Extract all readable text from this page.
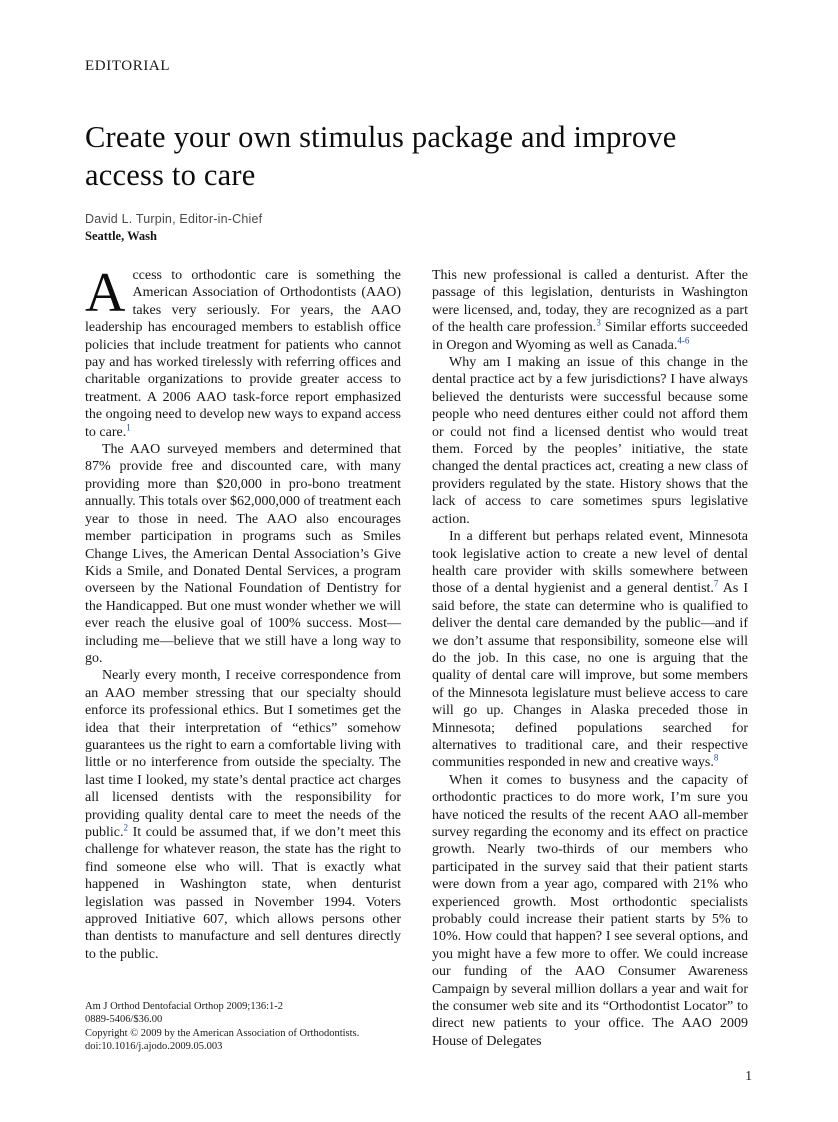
EDITORIAL
Create your own stimulus package and improve access to care
David L. Turpin, Editor-in-Chief
Seattle, Wash

Access to orthodontic care is something the American Association of Orthodontists (AAO) takes very seriously. For years, the AAO leadership has encouraged members to establish office policies that include treatment for patients who cannot pay and has worked tirelessly with referring offices and charitable organizations to provide greater access to treatment. A 2006 AAO task-force report emphasized the ongoing need to develop new ways to expand access to care.$^1$

The AAO surveyed members and determined that 87% provide free and discounted care, with many providing more than $20,000 in pro-bono treatment annually. This totals over $62,000,000 of treatment each year to those in need. The AAO also encourages member participation in programs such as Smiles Change Lives, the American Dental Association’s Give Kids a Smile, and Donated Dental Services, a program overseen by the National Foundation of Dentistry for the Handicapped. But one must wonder whether we will ever reach the elusive goal of 100% success. Most—including me—believe that we still have a long way to go.

Nearly every month, I receive correspondence from an AAO member stressing that our specialty should enforce its professional ethics. But I sometimes get the idea that their interpretation of “ethics” somehow guarantees us the right to earn a comfortable living with little or no interference from outside the specialty. The last time I looked, my state’s dental practice act charges all licensed dentists with the responsibility for providing quality dental care to meet the needs of the public.$^2$ It could be assumed that, if we don’t meet this challenge for whatever reason, the state has the right to find someone else who will. That is exactly what happened in Washington state, when denturist legislation was passed in November 1994. Voters approved Initiative 607, which allows persons other than dentists to manufacture and sell dentures directly to the public.

This new professional is called a denturist. After the passage of this legislation, denturists in Washington were licensed, and, today, they are recognized as a part of the health care profession.$^3$ Similar efforts succeeded in Oregon and Wyoming as well as Canada.$^{4-6}$

Why am I making an issue of this change in the dental practice act by a few jurisdictions? I have always believed the denturists were successful because some people who need dentures either could not afford them or could not find a licensed dentist who would treat them. Forced by the peoples’ initiative, the state changed the dental practices act, creating a new class of providers regulated by the state. History shows that the lack of access to care sometimes spurs legislative action.

In a different but perhaps related event, Minnesota took legislative action to create a new level of dental health care provider with skills somewhere between those of a dental hygienist and a general dentist.$^7$ As I said before, the state can determine who is qualified to deliver the dental care demanded by the public—and if we don’t assume that responsibility, someone else will do the job. In this case, no one is arguing that the quality of dental care will improve, but some members of the Minnesota legislature must believe access to care will go up. Changes in Alaska preceded those in Minnesota; defined populations searched for alternatives to traditional care, and their respective communities responded in new and creative ways.$^8$

When it comes to busyness and the capacity of orthodontic practices to do more work, I’m sure you have noticed the results of the recent AAO all-member survey regarding the economy and its effect on practice growth. Nearly two-thirds of our members who participated in the survey said that their patient starts were down from a year ago, compared with 21% who experienced growth. Most orthodontic specialists probably could increase their patient starts by 5% to 10%. How could that happen? I see several options, and you might have a few more to offer. We could increase our funding of the AAO Consumer Awareness Campaign by several million dollars a year and wait for the consumer web site and its “Orthodontist Locator” to direct new patients to your office. The AAO 2009 House of Delegates

Am J Orthod Dentofacial Orthop 2009;136:1-2
0889-5406/$36.00
Copyright © 2009 by the American Association of Orthodontists.
doi:10.1016/j.ajodo.2009.05.003
1
